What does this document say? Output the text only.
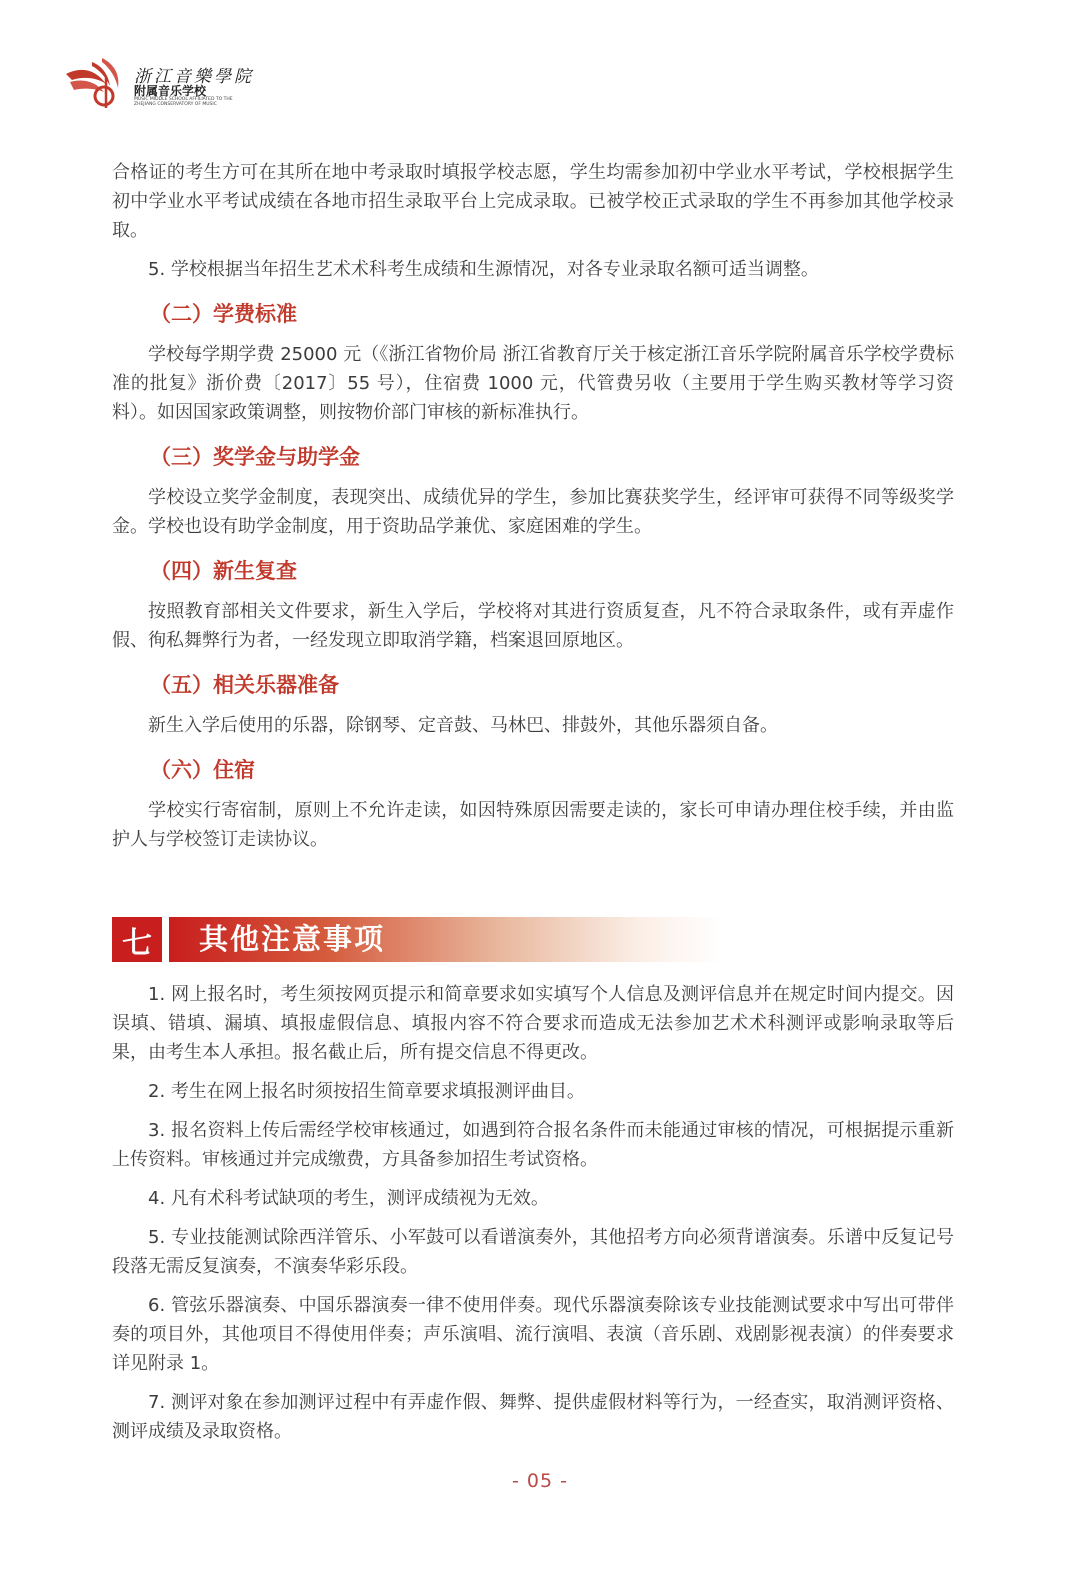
浙江音樂學院
附属音乐学校
MUSIC MIDDLE SCHOOL AFFILIATED TO THE ZHEJIANG CONSERVATORY OF MUSIC

合格证的考生方可在其所在地中考录取时填报学校志愿，学生均需参加初中学业水平考试，学校根据学生初中学业水平考试成绩在各地市招生录取平台上完成录取。已被学校正式录取的学生不再参加其他学校录取。

5. 学校根据当年招生艺术术科考生成绩和生源情况，对各专业录取名额可适当调整。

（二）学费标准

学校每学期学费 25000 元（《浙江省物价局 浙江省教育厅关于核定浙江音乐学院附属音乐学校学费标准的批复》浙价费〔2017〕55 号），住宿费 1000 元，代管费另收（主要用于学生购买教材等学习资料）。如因国家政策调整，则按物价部门审核的新标准执行。

（三）奖学金与助学金

学校设立奖学金制度，表现突出、成绩优异的学生，参加比赛获奖学生，经评审可获得不同等级奖学金。学校也设有助学金制度，用于资助品学兼优、家庭困难的学生。

（四）新生复查

按照教育部相关文件要求，新生入学后，学校将对其进行资质复查，凡不符合录取条件，或有弄虚作假、徇私舞弊行为者，一经发现立即取消学籍，档案退回原地区。

（五）相关乐器准备

新生入学后使用的乐器，除钢琴、定音鼓、马林巴、排鼓外，其他乐器须自备。

（六）住宿

学校实行寄宿制，原则上不允许走读，如因特殊原因需要走读的，家长可申请办理住校手续，并由监护人与学校签订走读协议。

七	其他注意事项

1. 网上报名时，考生须按网页提示和简章要求如实填写个人信息及测评信息并在规定时间内提交。因误填、错填、漏填、填报虚假信息、填报内容不符合要求而造成无法参加艺术术科测评或影响录取等后果，由考生本人承担。报名截止后，所有提交信息不得更改。

2. 考生在网上报名时须按招生简章要求填报测评曲目。

3. 报名资料上传后需经学校审核通过，如遇到符合报名条件而未能通过审核的情况，可根据提示重新上传资料。审核通过并完成缴费，方具备参加招生考试资格。

4. 凡有术科考试缺项的考生，测评成绩视为无效。

5. 专业技能测试除西洋管乐、小军鼓可以看谱演奏外，其他招考方向必须背谱演奏。乐谱中反复记号段落无需反复演奏，不演奏华彩乐段。

6. 管弦乐器演奏、中国乐器演奏一律不使用伴奏。现代乐器演奏除该专业技能测试要求中写出可带伴奏的项目外，其他项目不得使用伴奏；声乐演唱、流行演唱、表演（音乐剧、戏剧影视表演）的伴奏要求详见附录 1。

7. 测评对象在参加测评过程中有弄虚作假、舞弊、提供虚假材料等行为，一经查实，取消测评资格、测评成绩及录取资格。

- 05 -
